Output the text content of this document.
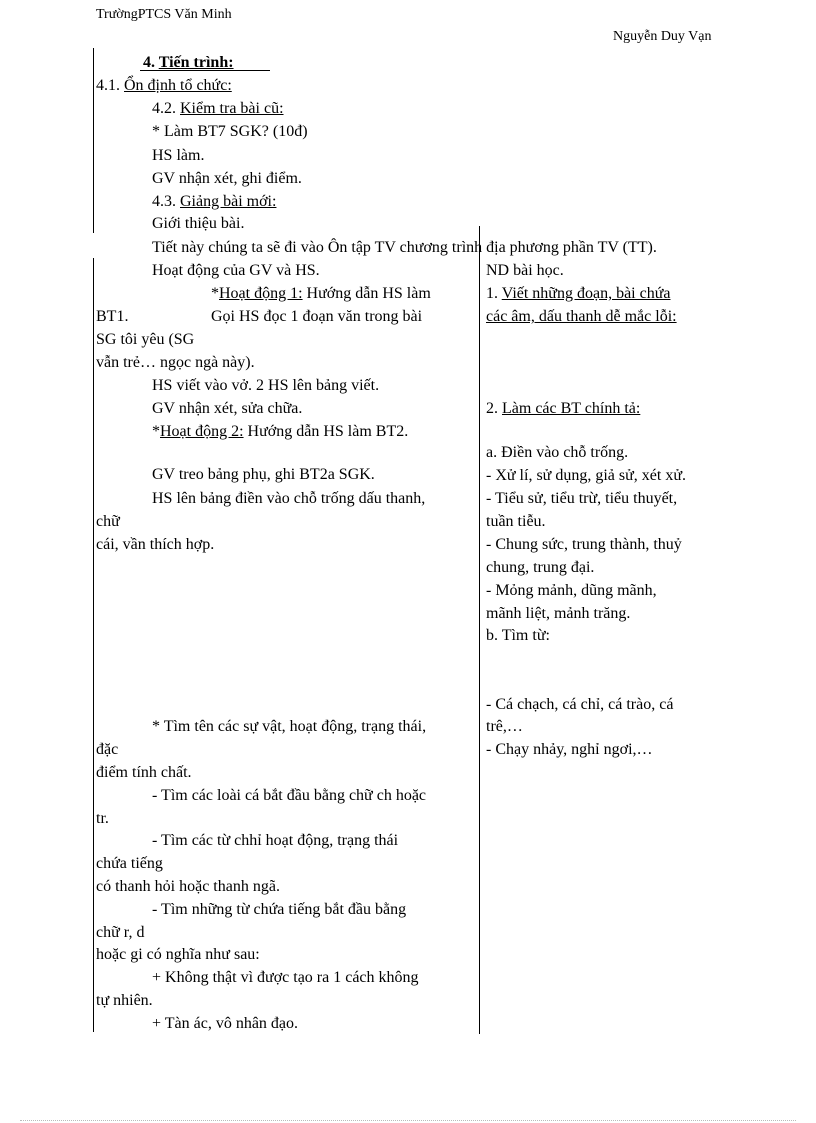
TrườngPTCS Văn Minh
Nguyễn Duy Vạn
4. Tiến trình:
4.1. Ổn định tổ chức:
4.2. Kiểm tra bài cũ:
* Làm BT7 SGK? (10đ)
HS làm.
GV nhận xét, ghi điểm.
4.3. Giảng bài mới:
Giới thiệu bài.
Tiết này chúng ta sẽ đi vào Ôn tập TV chương trình địa phương phần TV (TT).
Hoạt động của GV và HS.
*Hoạt động 1: Hướng dẫn HS làm
BT1.	Gọi HS đọc 1 đoạn văn trong bài
SG tôi yêu (SG
vẫn trẻ… ngọc ngà này).
HS viết vào vở. 2 HS lên bảng viết.
GV nhận xét, sửa chữa.
*Hoạt động 2: Hướng dẫn HS làm BT2.
GV treo bảng phụ, ghi BT2a SGK.
HS lên bảng điền vào chỗ trống dấu thanh,
chữ
cái, vần thích hợp.
* Tìm tên các sự vật, hoạt động, trạng thái,
đặc
điểm tính chất.
- Tìm các loài cá bắt đầu bằng chữ ch hoặc
tr.
- Tìm các từ chhỉ hoạt động, trạng thái
chứa tiếng
có thanh hỏi hoặc thanh ngã.
- Tìm những từ chứa tiếng bắt đầu bằng
chữ r, d
hoặc gi có nghĩa như sau:
+ Không thật vì được tạo ra 1 cách không
tự nhiên.
+ Tàn ác, vô nhân đạo.
ND bài học.
1. Viết những đoạn, bài chứa
các âm, dấu thanh dễ mắc lỗi:
2. Làm các BT chính tả:
a. Điền vào chỗ trống.
- Xử lí, sử dụng, giả sử, xét xử.
- Tiểu sử, tiểu trừ, tiểu thuyết,
tuần tiễu.
- Chung sức, trung thành, thuỷ
chung, trung đại.
- Mỏng mảnh, dũng mãnh,
mãnh liệt, mảnh trăng.
b. Tìm từ:
- Cá chạch, cá chỉ, cá trào, cá
trê,…
- Chạy nhảy, nghỉ ngơi,…
